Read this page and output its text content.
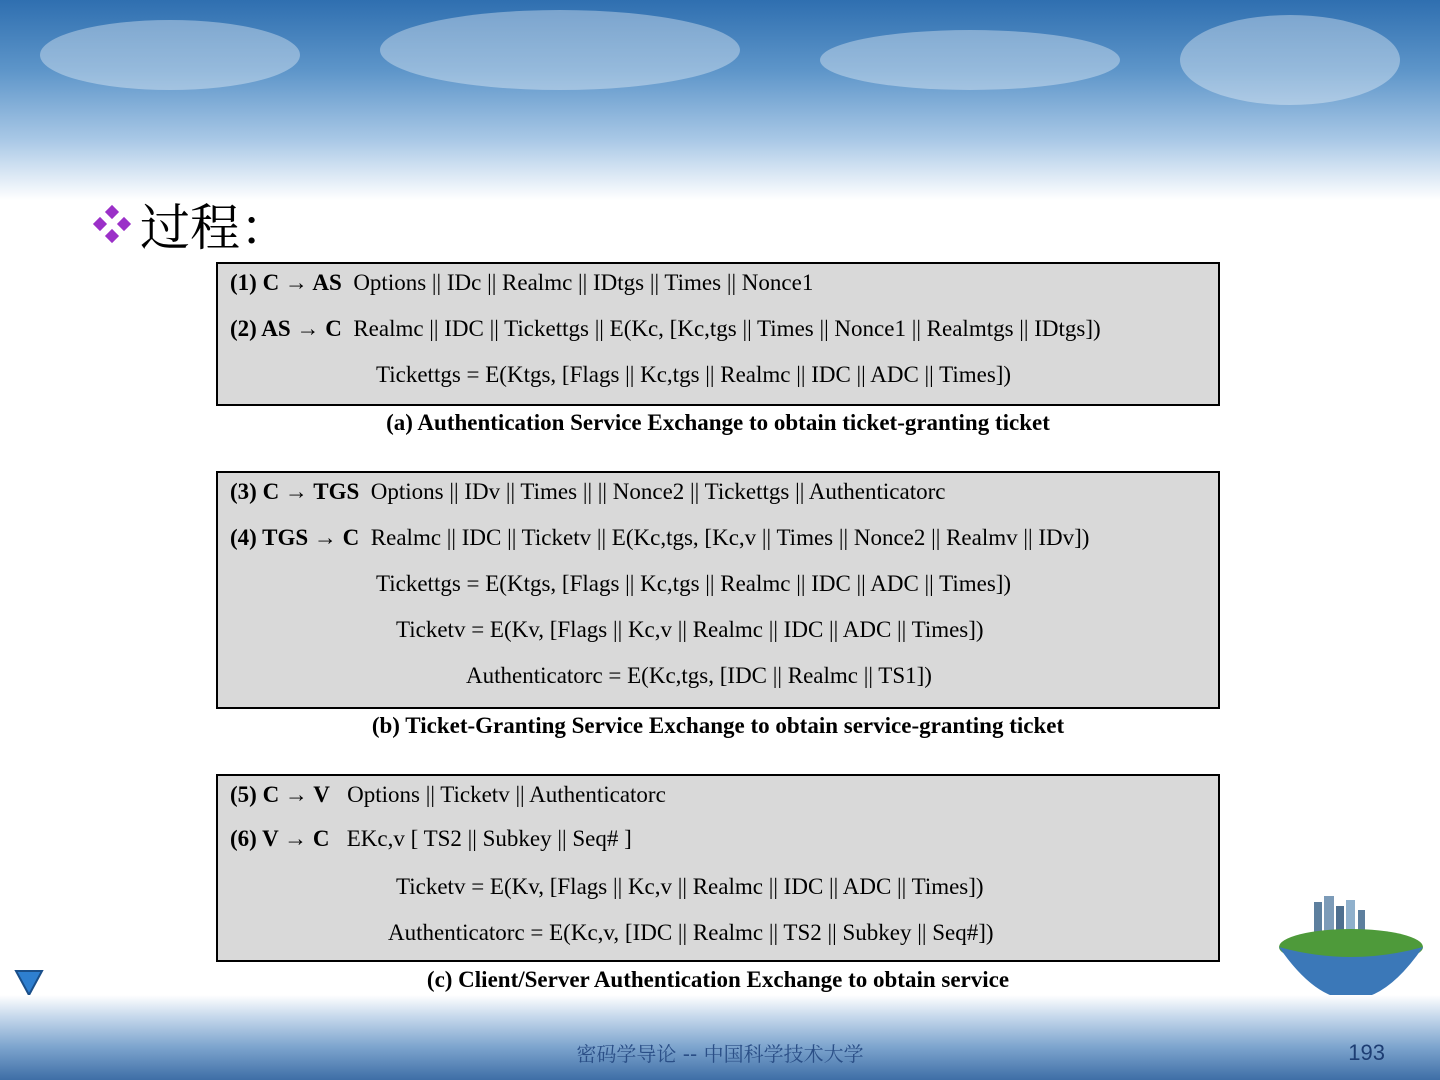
过程：
(1) C → AS Options || IDc || Realmc || IDtgs || Times || Nonce1
(2) AS → C Realmc || IDC || Tickettgs || E(Kc, [Kc,tgs || Times || Nonce1 || Realmtgs || IDtgs])
Tickettgs = E(Ktgs, [Flags || Kc,tgs || Realmc || IDC || ADC || Times])
(a) Authentication Service Exchange to obtain ticket-granting ticket
(3) C → TGS Options || IDv || Times || || Nonce2 || Tickettgs || Authenticatorc
(4) TGS → C Realmc || IDC || Ticketv || E(Kc,tgs, [Kc,v || Times || Nonce2 || Realmv || IDv])
Tickettgs = E(Ktgs, [Flags || Kc,tgs || Realmc || IDC || ADC || Times])
Ticketv = E(Kv, [Flags || Kc,v || Realmc || IDC || ADC || Times])
Authenticatorc = E(Kc,tgs, [IDC || Realmc || TS1])
(b) Ticket-Granting Service Exchange to obtain service-granting ticket
(5) C → V Options || Ticketv || Authenticatorc
(6) V → C EKc,v [ TS2 || Subkey || Seq# ]
Ticketv = E(Kv, [Flags || Kc,v || Realmc || IDC || ADC || Times])
Authenticatorc = E(Kc,v, [IDC || Realmc || TS2 || Subkey || Seq#])
(c) Client/Server Authentication Exchange to obtain service
密码学导论 -- 中国科学技术大学	193
